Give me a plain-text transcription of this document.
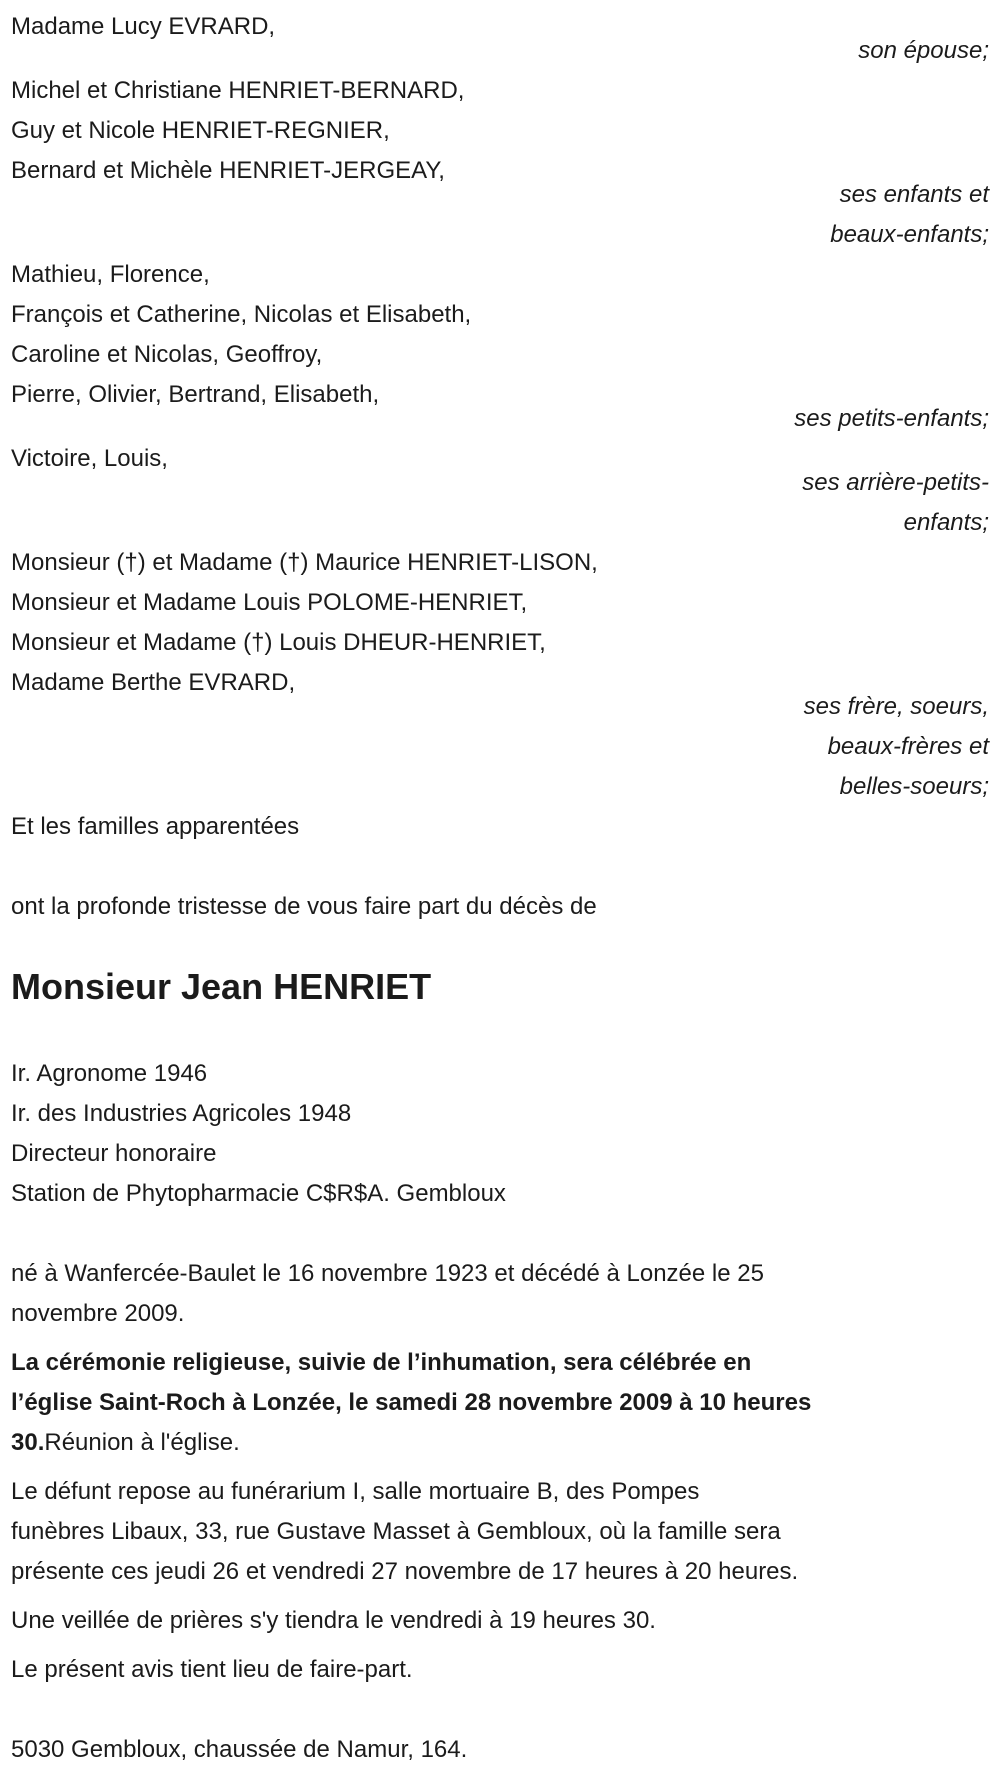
Madame Lucy EVRARD,
son épouse;
Michel et Christiane HENRIET-BERNARD,
Guy et Nicole HENRIET-REGNIER,
Bernard et Michèle HENRIET-JERGEAY,
ses enfants et
beaux-enfants;
Mathieu, Florence,
François et Catherine, Nicolas et Elisabeth,
Caroline et Nicolas, Geoffroy,
Pierre, Olivier, Bertrand, Elisabeth,
ses petits-enfants;
Victoire, Louis,
ses arrière-petits-
enfants;
Monsieur (†) et Madame (†) Maurice HENRIET-LISON,
Monsieur et Madame Louis POLOME-HENRIET,
Monsieur et Madame (†) Louis DHEUR-HENRIET,
Madame Berthe EVRARD,
ses frère, soeurs,
beaux-frères et
belles-soeurs;
Et les familles apparentées
ont la profonde tristesse de vous faire part du décès de
Monsieur Jean HENRIET
Ir. Agronome 1946
Ir. des Industries Agricoles 1948
Directeur honoraire
Station de Phytopharmacie C$R$A. Gembloux
né à Wanfercée-Baulet le 16 novembre 1923 et décédé à Lonzée le 25
novembre 2009.
La cérémonie religieuse, suivie de l’inhumation, sera célébrée en
l’église Saint-Roch à Lonzée, le samedi 28 novembre 2009 à 10 heures
30.Réunion à l'église.
Le défunt repose au funérarium I, salle mortuaire B, des Pompes
funèbres Libaux, 33, rue Gustave Masset à Gembloux, où la famille sera
présente ces jeudi 26 et vendredi 27 novembre de 17 heures à 20 heures.
Une veillée de prières s'y tiendra le vendredi à 19 heures 30.
Le présent avis tient lieu de faire-part.
5030 Gembloux, chaussée de Namur, 164.
